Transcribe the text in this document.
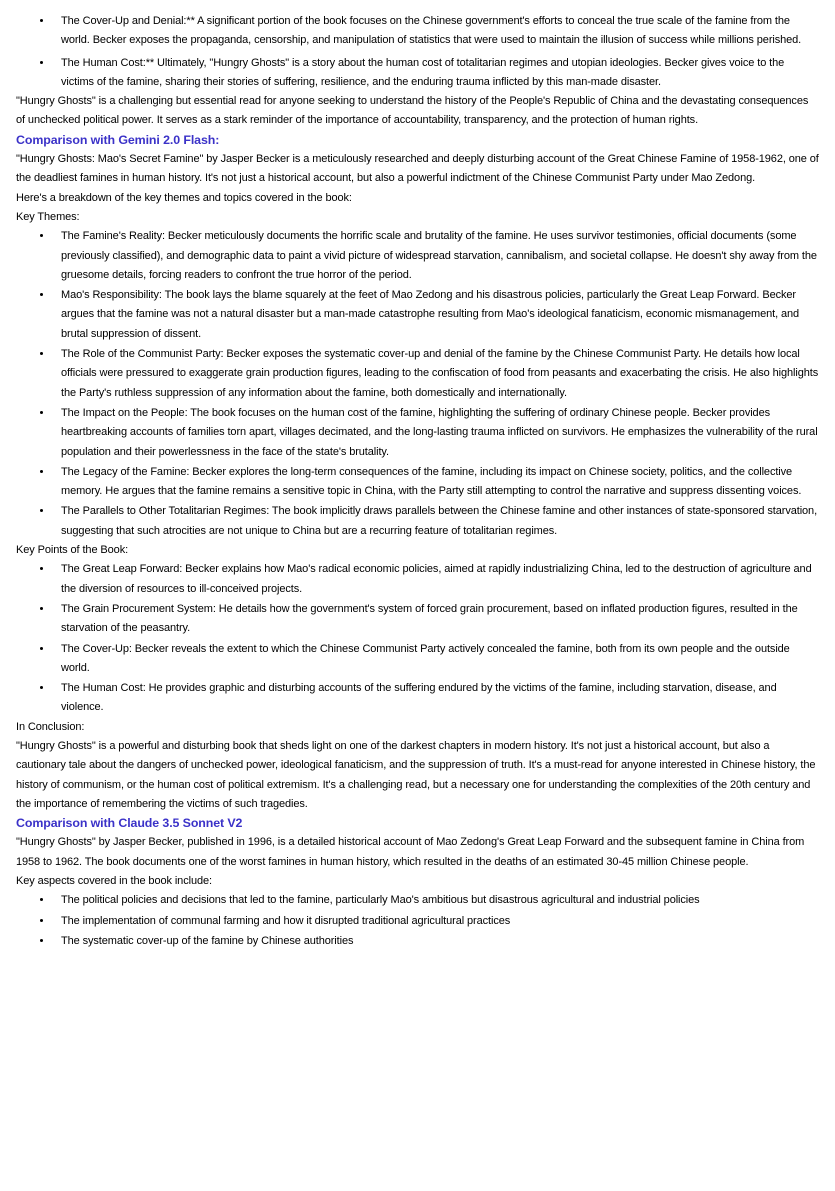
• The Cover-Up and Denial:** A significant portion of the book focuses on the Chinese government's efforts to conceal the true scale of the famine from the world. Becker exposes the propaganda, censorship, and manipulation of statistics that were used to maintain the illusion of success while millions perished.
• The Human Cost:** Ultimately, "Hungry Ghosts" is a story about the human cost of totalitarian regimes and utopian ideologies. Becker gives voice to the victims of the famine, sharing their stories of suffering, resilience, and the enduring trauma inflicted by this man-made disaster.

"Hungry Ghosts" is a challenging but essential read for anyone seeking to understand the history of the People's Republic of China and the devastating consequences of unchecked political power. It serves as a stark reminder of the importance of accountability, transparency, and the protection of human rights.

Comparison with Gemini 2.0 Flash:

"Hungry Ghosts: Mao's Secret Famine" by Jasper Becker is a meticulously researched and deeply disturbing account of the Great Chinese Famine of 1958-1962, one of the deadliest famines in human history. It's not just a historical account, but also a powerful indictment of the Chinese Communist Party under Mao Zedong.

Here's a breakdown of the key themes and topics covered in the book:

Key Themes:

• The Famine's Reality: Becker meticulously documents the horrific scale and brutality of the famine. He uses survivor testimonies, official documents (some previously classified), and demographic data to paint a vivid picture of widespread starvation, cannibalism, and societal collapse. He doesn't shy away from the gruesome details, forcing readers to confront the true horror of the period.
• Mao's Responsibility: The book lays the blame squarely at the feet of Mao Zedong and his disastrous policies, particularly the Great Leap Forward. Becker argues that the famine was not a natural disaster but a man-made catastrophe resulting from Mao's ideological fanaticism, economic mismanagement, and brutal suppression of dissent.
• The Role of the Communist Party: Becker exposes the systematic cover-up and denial of the famine by the Chinese Communist Party. He details how local officials were pressured to exaggerate grain production figures, leading to the confiscation of food from peasants and exacerbating the crisis. He also highlights the Party's ruthless suppression of any information about the famine, both domestically and internationally.
• The Impact on the People: The book focuses on the human cost of the famine, highlighting the suffering of ordinary Chinese people. Becker provides heartbreaking accounts of families torn apart, villages decimated, and the long-lasting trauma inflicted on survivors. He emphasizes the vulnerability of the rural population and their powerlessness in the face of the state's brutality.
• The Legacy of the Famine: Becker explores the long-term consequences of the famine, including its impact on Chinese society, politics, and the collective memory. He argues that the famine remains a sensitive topic in China, with the Party still attempting to control the narrative and suppress dissenting voices.
• The Parallels to Other Totalitarian Regimes: The book implicitly draws parallels between the Chinese famine and other instances of state-sponsored starvation, suggesting that such atrocities are not unique to China but are a recurring feature of totalitarian regimes.

Key Points of the Book:

• The Great Leap Forward: Becker explains how Mao's radical economic policies, aimed at rapidly industrializing China, led to the destruction of agriculture and the diversion of resources to ill-conceived projects.
• The Grain Procurement System: He details how the government's system of forced grain procurement, based on inflated production figures, resulted in the starvation of the peasantry.
• The Cover-Up: Becker reveals the extent to which the Chinese Communist Party actively concealed the famine, both from its own people and the outside world.
• The Human Cost: He provides graphic and disturbing accounts of the suffering endured by the victims of the famine, including starvation, disease, and violence.

In Conclusion:

"Hungry Ghosts" is a powerful and disturbing book that sheds light on one of the darkest chapters in modern history. It's not just a historical account, but also a cautionary tale about the dangers of unchecked power, ideological fanaticism, and the suppression of truth. It's a must-read for anyone interested in Chinese history, the history of communism, or the human cost of political extremism. It's a challenging read, but a necessary one for understanding the complexities of the 20th century and the importance of remembering the victims of such tragedies.

Comparison with Claude 3.5 Sonnet V2

"Hungry Ghosts" by Jasper Becker, published in 1996, is a detailed historical account of Mao Zedong's Great Leap Forward and the subsequent famine in China from 1958 to 1962. The book documents one of the worst famines in human history, which resulted in the deaths of an estimated 30-45 million Chinese people.

Key aspects covered in the book include:

• The political policies and decisions that led to the famine, particularly Mao's ambitious but disastrous agricultural and industrial policies
• The implementation of communal farming and how it disrupted traditional agricultural practices
• The systematic cover-up of the famine by Chinese authorities
